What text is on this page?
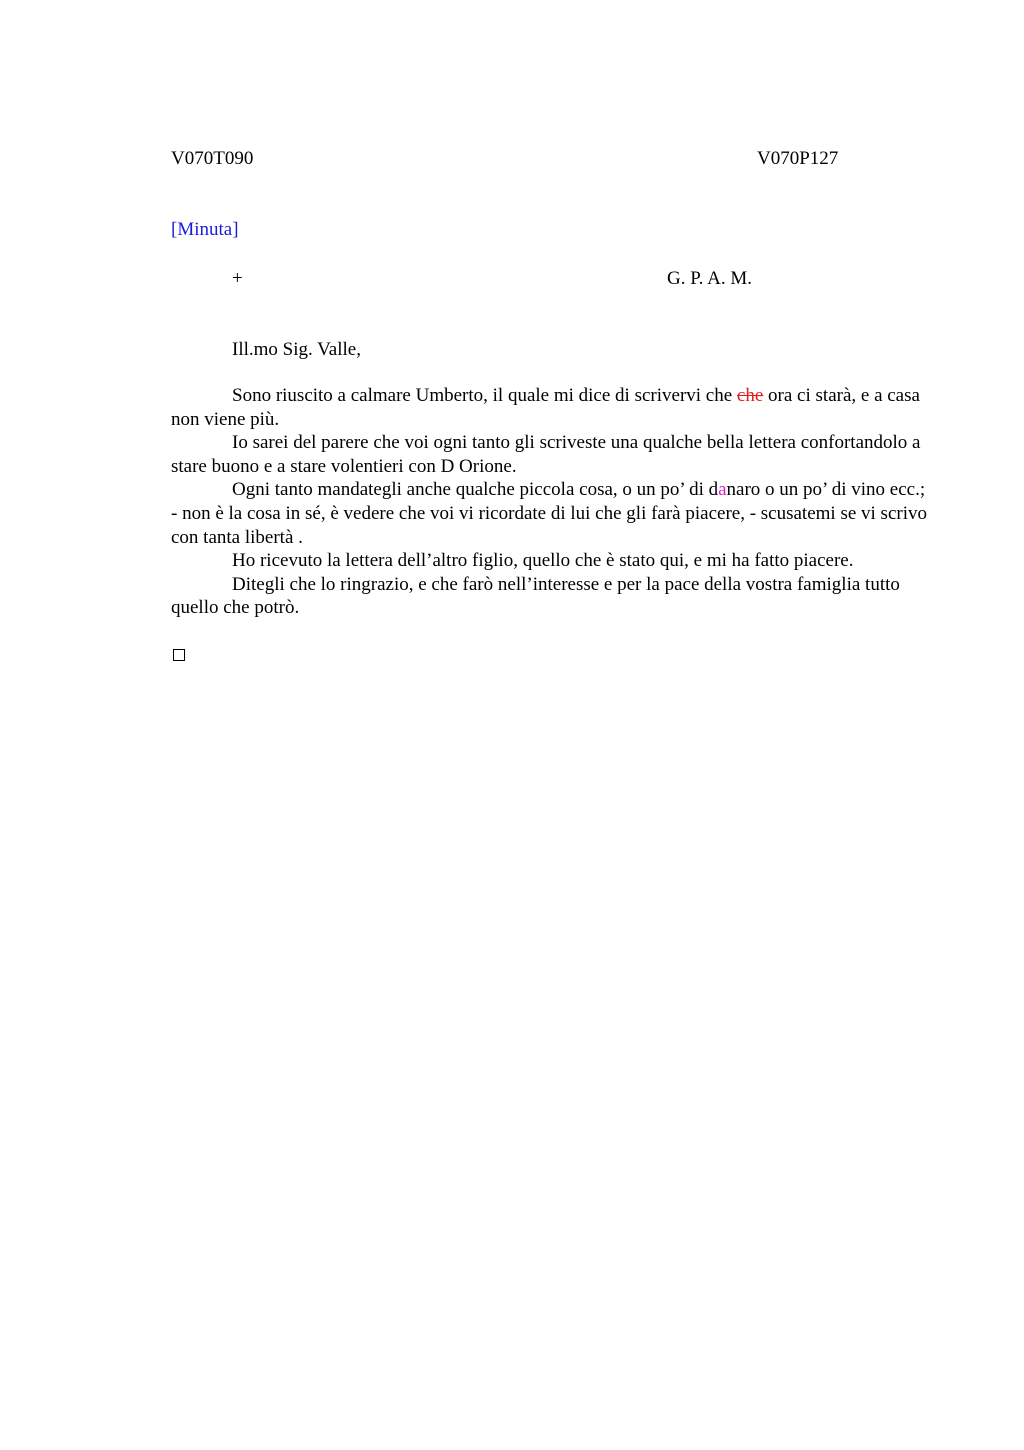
V070T090	V070P127
[Minuta]
+	G. P. A. M.
Ill.mo Sig. Valle,

Sono riuscito a calmare Umberto, il quale mi dice di scrivervi che che ora ci starà, e a casa non viene più.

Io sarei del parere che voi ogni tanto gli scriveste una qualche bella lettera confortandolo a stare buono e a stare volentieri con D Orione.

Ogni tanto mandategli anche qualche piccola cosa, o un po’ di danaro o un po’ di vino ecc.; - non è la cosa in sé, è vedere che voi vi ricordate di lui che gli farà piacere, - scusatemi se vi scrivo con tanta libertà .

Ho ricevuto la lettera dell’altro figlio, quello che è stato qui, e mi ha fatto piacere.

Ditegli che lo ringrazio, e che farò nell’interesse e per la pace della vostra famiglia tutto quello che potrò.
